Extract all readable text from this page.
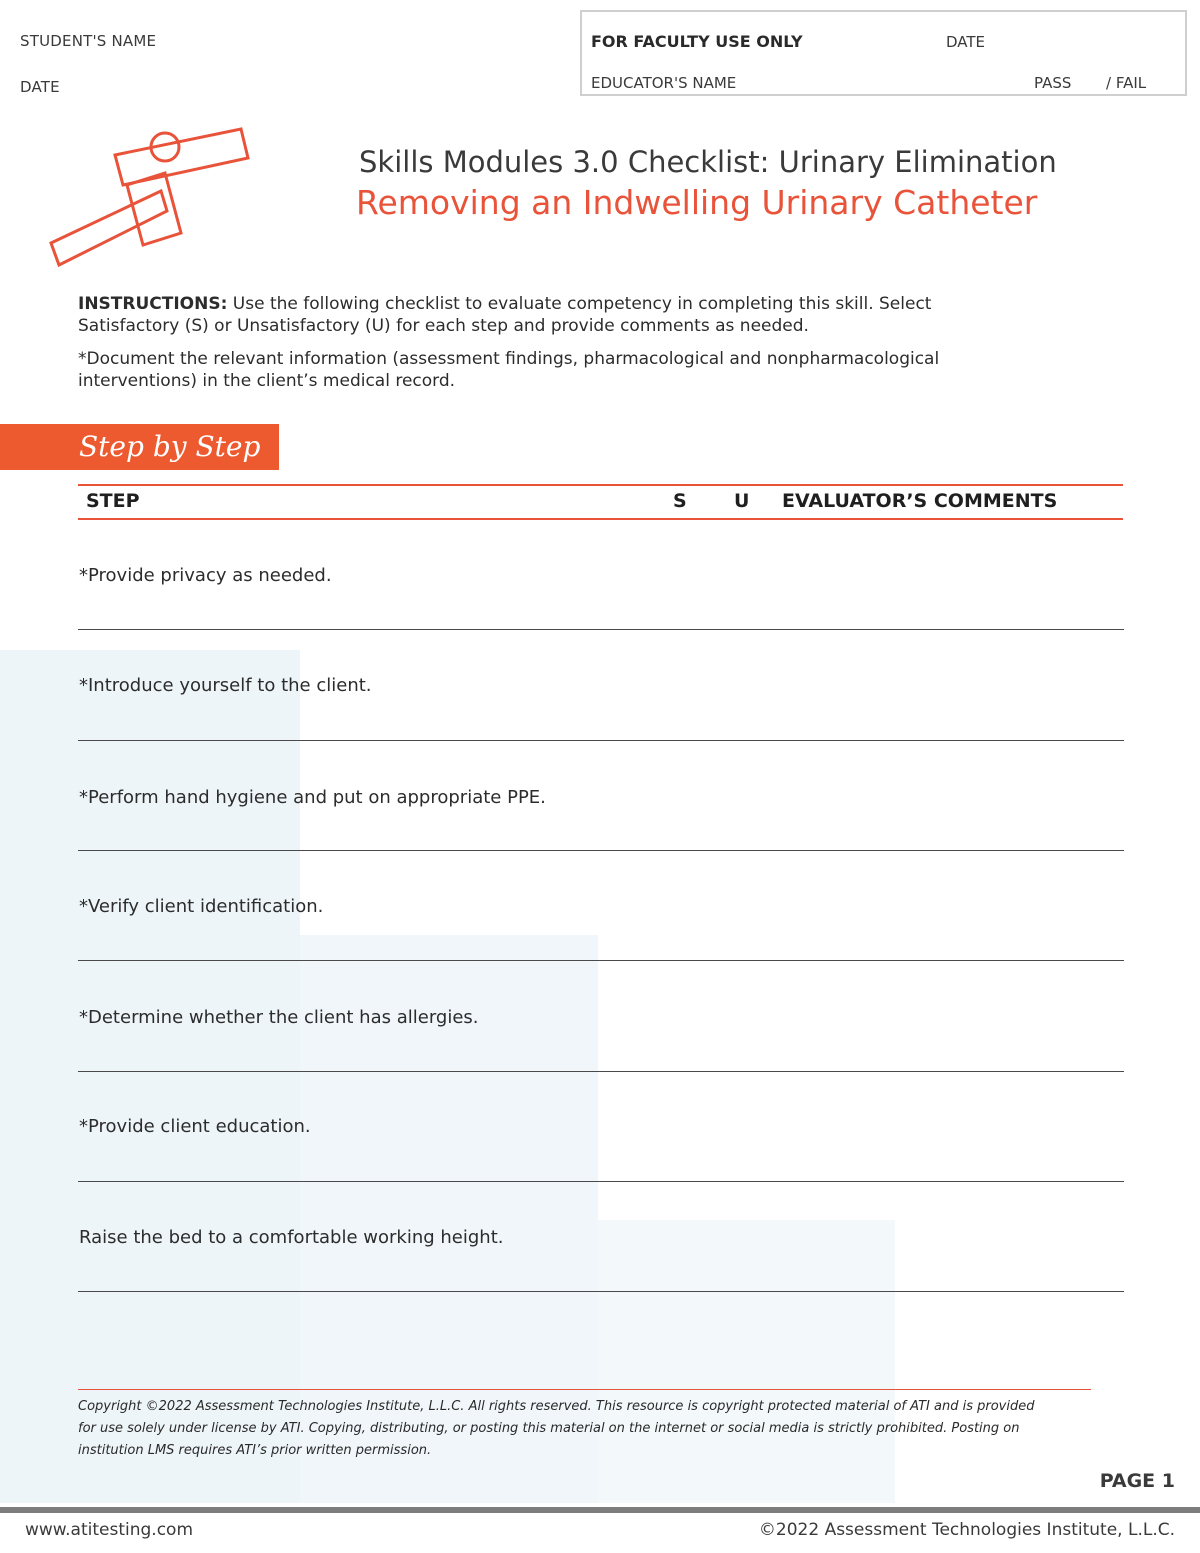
STUDENT'S NAME
DATE
FOR FACULTY USE ONLY	DATE
EDUCATOR'S NAME	PASS / FAIL
Skills Modules 3.0 Checklist: Urinary Elimination
Removing an Indwelling Urinary Catheter
INSTRUCTIONS: Use the following checklist to evaluate competency in completing this skill. Select
Satisfactory (S) or Unsatisfactory (U) for each step and provide comments as needed.
*Document the relevant information (assessment findings, pharmacological and nonpharmacological
interventions) in the client’s medical record.
Step by Step
STEP	S U EVALUATOR’S COMMENTS
*Provide privacy as needed.
*Introduce yourself to the client.
*Perform hand hygiene and put on appropriate PPE.
*Verify client identification.
*Determine whether the client has allergies.
*Provide client education.
Raise the bed to a comfortable working height.
Copyright ©2022 Assessment Technologies Institute, L.L.C. All rights reserved. This resource is copyright protected material of ATI and is provided
for use solely under license by ATI. Copying, distributing, or posting this material on the internet or social media is strictly prohibited. Posting on
institution LMS requires ATI’s prior written permission.
PAGE 1
www.atitesting.com	©2022 Assessment Technologies Institute, L.L.C.
